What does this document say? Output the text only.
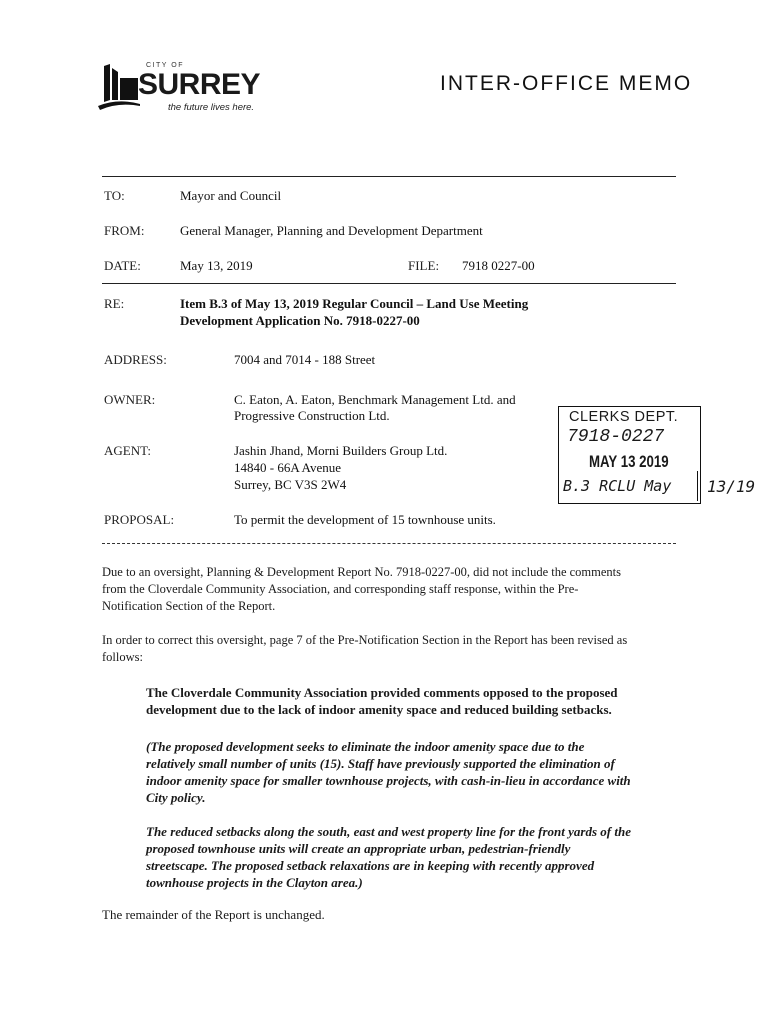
CITY OF
SURREY
the future lives here.
INTER-OFFICE MEMO
TO:	Mayor and Council
FROM:	General Manager, Planning and Development Department
DATE:	May 13, 2019	FILE: 7918 0227-00
RE:	Item B.3 of May 13, 2019 Regular Council – Land Use Meeting
Development Application No. 7918-0227-00
ADDRESS:	7004 and 7014 - 188 Street
OWNER:	C. Eaton, A. Eaton, Benchmark Management Ltd. and
Progressive Construction Ltd.
AGENT:	Jashin Jhand, Morni Builders Group Ltd.
14840 - 66A Avenue
Surrey, BC V3S 2W4
PROPOSAL:	To permit the development of 15 townhouse units.
CLERKS DEPT.
7918-0227
MAY 13 2019
B.3 RCLU May 13/19
Due to an oversight, Planning & Development Report No. 7918-0227-00, did not include the comments
from the Cloverdale Community Association, and corresponding staff response, within the Pre-
Notification Section of the Report.
In order to correct this oversight, page 7 of the Pre-Notification Section in the Report has been revised as
follows:
The Cloverdale Community Association provided comments opposed to the proposed
development due to the lack of indoor amenity space and reduced building setbacks.
(The proposed development seeks to eliminate the indoor amenity space due to the
relatively small number of units (15). Staff have previously supported the elimination of
indoor amenity space for smaller townhouse projects, with cash-in-lieu in accordance with
City policy.
The reduced setbacks along the south, east and west property line for the front yards of the
proposed townhouse units will create an appropriate urban, pedestrian-friendly
streetscape. The proposed setback relaxations are in keeping with recently approved
townhouse projects in the Clayton area.)
The remainder of the Report is unchanged.
